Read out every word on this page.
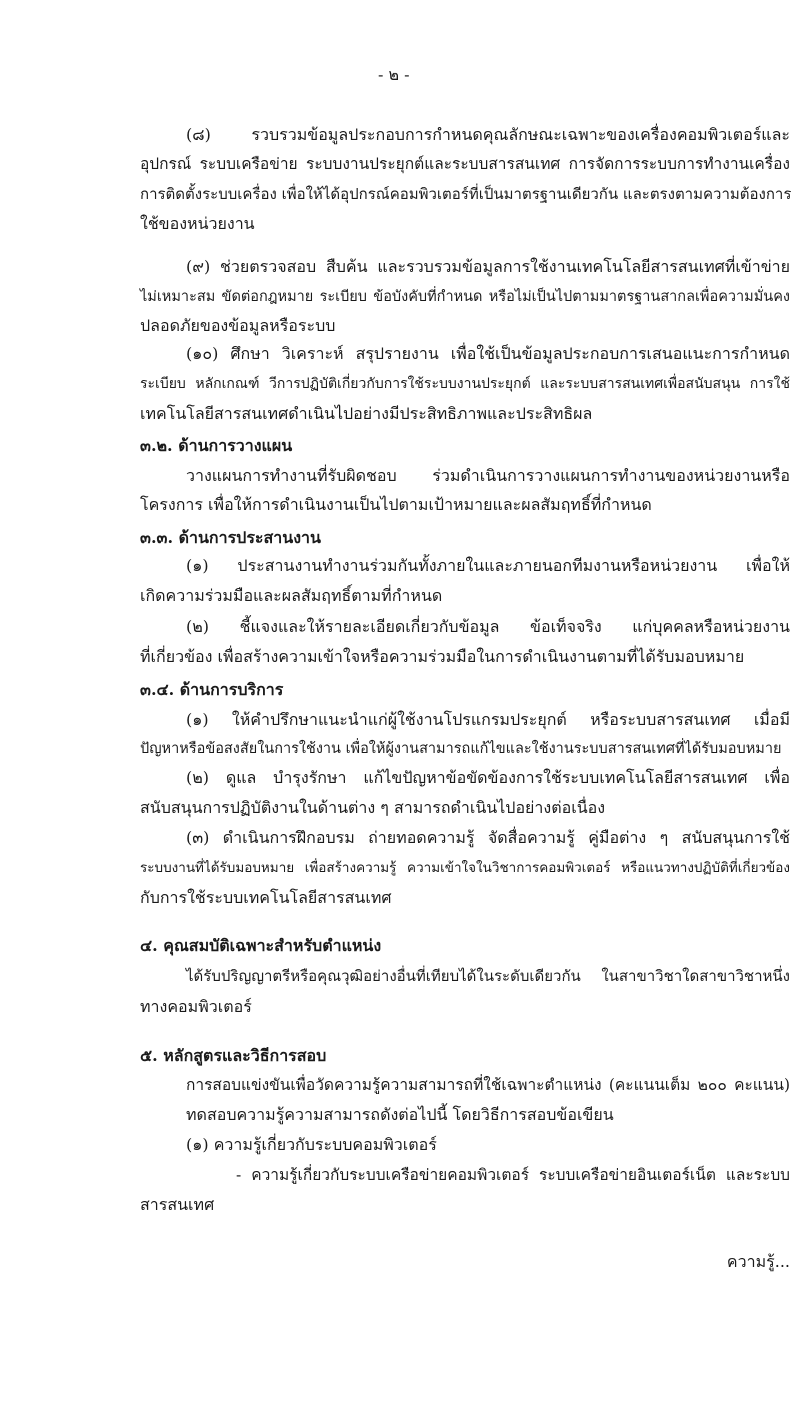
- ๒ -
(๘) รวบรวมข้อมูลประกอบการกำหนดคุณลักษณะเฉพาะของเครื่องคอมพิวเตอร์และ
อุปกรณ์ ระบบเครือข่าย ระบบงานประยุกต์และระบบสารสนเทศ การจัดการระบบการทำงานเครื่อง
การติดตั้งระบบเครื่อง เพื่อให้ได้อุปกรณ์คอมพิวเตอร์ที่เป็นมาตรฐานเดียวกัน และตรงตามความต้องการ
ใช้ของหน่วยงาน
(๙) ช่วยตรวจสอบ สืบค้น และรวบรวมข้อมูลการใช้งานเทคโนโลยีสารสนเทศที่เข้าข่าย
ไม่เหมาะสม ขัดต่อกฎหมาย ระเบียบ ข้อบังคับที่กำหนด หรือไม่เป็นไปตามมาตรฐานสากลเพื่อความมั่นคง
ปลอดภัยของข้อมูลหรือระบบ
(๑๐) ศึกษา วิเคราะห์ สรุปรายงาน เพื่อใช้เป็นข้อมูลประกอบการเสนอแนะการกำหนด
ระเบียบ หลักเกณฑ์ วีการปฏิบัติเกี่ยวกับการใช้ระบบงานประยุกต์ และระบบสารสนเทศเพื่อสนับสนุน การใช้
เทคโนโลยีสารสนเทศดำเนินไปอย่างมีประสิทธิภาพและประสิทธิผล
๓.๒. ด้านการวางแผน
วางแผนการทำงานที่รับผิดชอบ ร่วมดำเนินการวางแผนการทำงานของหน่วยงานหรือ
โครงการ เพื่อให้การดำเนินงานเป็นไปตามเป้าหมายและผลสัมฤทธิ์ที่กำหนด
๓.๓. ด้านการประสานงาน
(๑) ประสานงานทำงานร่วมกันทั้งภายในและภายนอกทีมงานหรือหน่วยงาน เพื่อให้
เกิดความร่วมมือและผลสัมฤทธิ์ตามที่กำหนด
(๒) ชี้แจงและให้รายละเอียดเกี่ยวกับข้อมูล ข้อเท็จจริง แก่บุคคลหรือหน่วยงาน
ที่เกี่ยวข้อง เพื่อสร้างความเข้าใจหรือความร่วมมือในการดำเนินงานตามที่ได้รับมอบหมาย
๓.๔. ด้านการบริการ
(๑) ให้คำปรึกษาแนะนำแก่ผู้ใช้งานโปรแกรมประยุกต์ หรือระบบสารสนเทศ เมื่อมี
ปัญหาหรือข้อสงสัยในการใช้งาน เพื่อให้ผู้งานสามารถแก้ไขและใช้งานระบบสารสนเทศที่ได้รับมอบหมาย
(๒) ดูแล บำรุงรักษา แก้ไขปัญหาข้อขัดข้องการใช้ระบบเทคโนโลยีสารสนเทศ เพื่อ
สนับสนุนการปฏิบัติงานในด้านต่าง ๆ สามารถดำเนินไปอย่างต่อเนื่อง
(๓) ดำเนินการฝึกอบรม ถ่ายทอดความรู้ จัดสื่อความรู้ คู่มือต่าง ๆ สนับสนุนการใช้
ระบบงานที่ได้รับมอบหมาย เพื่อสร้างความรู้ ความเข้าใจในวิชาการคอมพิวเตอร์ หรือแนวทางปฏิบัติที่เกี่ยวข้อง
กับการใช้ระบบเทคโนโลยีสารสนเทศ
๔. คุณสมบัติเฉพาะสำหรับตำแหน่ง
ได้รับปริญญาตรีหรือคุณวุฒิอย่างอื่นที่เทียบได้ในระดับเดียวกัน ในสาขาวิชาใดสาขาวิชาหนึ่ง
ทางคอมพิวเตอร์
๕. หลักสูตรและวิธีการสอบ
การสอบแข่งขันเพื่อวัดความรู้ความสามารถที่ใช้เฉพาะตำแหน่ง (คะแนนเต็ม ๒๐๐ คะแนน)
ทดสอบความรู้ความสามารถดังต่อไปนี้ โดยวิธีการสอบข้อเขียน
(๑) ความรู้เกี่ยวกับระบบคอมพิวเตอร์
- ความรู้เกี่ยวกับระบบเครือข่ายคอมพิวเตอร์ ระบบเครือข่ายอินเตอร์เน็ต และระบบ
สารสนเทศ
ความรู้...
